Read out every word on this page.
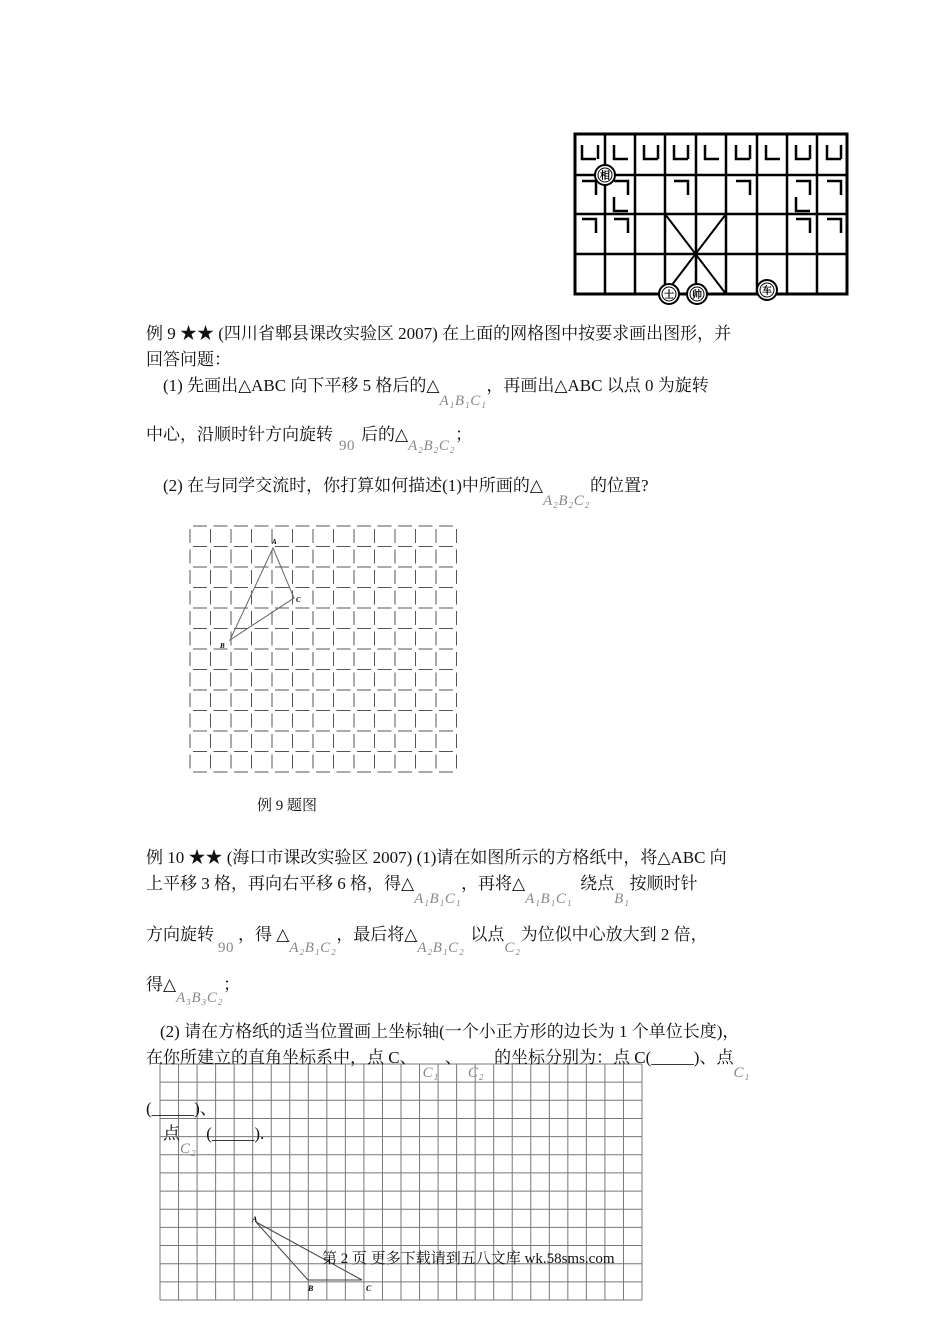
相
士 帅	车
例 9 ★★ (四川省郫县课改实验区 2007) 在上面的网格图中按要求画出图形，并
回答问题：
(1) 先画出△ABC 向下平移 5 格后的△A₁B₁C₁，再画出△ABC 以点 0 为旋转
中心，沿顺时针方向旋转90后的△A₂B₂C₂；
(2) 在与同学交流时，你打算如何描述(1)中所画的△A₂B₂C₂的位置?
A
B
C
例 9 题图
例 10 ★★ (海口市课改实验区 2007) (1)请在如图所示的方格纸中，将△ABC 向
上平移 3 格，再向右平移 6 格，得△A₁B₁C₁，再将△A₁B₁C₁绕点B₁按顺时针
方向旋转90，得 △A₂B₁C₂，最后将△A₂B₁C₂以点C₂为位似中心放大到 2 倍，
得△A₃B₃C₂；
A
B	C
(2) 请在方格纸的适当位置画上坐标轴(一个小正方形的边长为 1 个单位长度)，
在你所建立的直角坐标系中，点 C、C₁、C₂的坐标分别为：点 C(_____)、点C₁
(_____)、
点C₂(_____).
第 2 页 更多下载请到五八文库 wk.58sms.com
